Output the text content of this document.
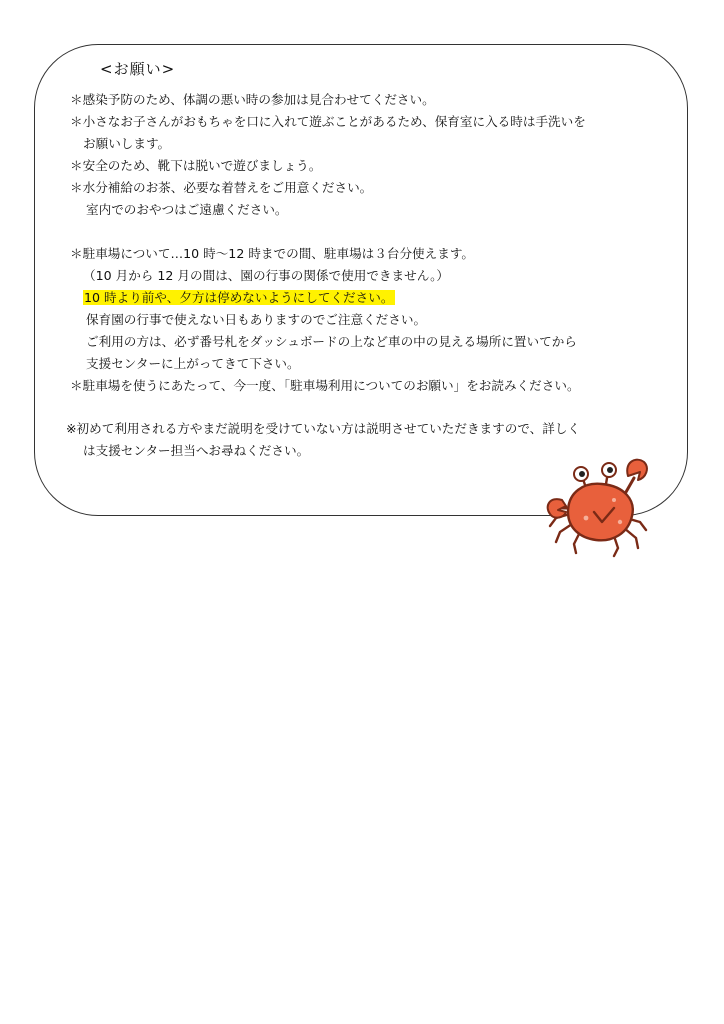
<お願い>
＊感染予防のため、体調の悪い時の参加は見合わせてください。
＊小さなお子さんがおもちゃを口に入れて遊ぶことがあるため、保育室に入る時は手洗いを
お願いします。
＊安全のため、靴下は脱いで遊びましょう。
＊水分補給のお茶、必要な着替えをご用意ください。
室内でのおやつはご遠慮ください。
＊駐車場について…10 時～12 時までの間、駐車場は３台分使えます。
（10 月から 12 月の間は、園の行事の関係で使用できません。）
10 時より前や、夕方は停めないようにしてください。
保育園の行事で使えない日もありますのでご注意ください。
ご利用の方は、必ず番号札をダッシュボードの上など車の中の見える場所に置いてから
支援センターに上がってきて下さい。
＊駐車場を使うにあたって、今一度、「駐車場利用についてのお願い」をお読みください。
※初めて利用される方やまだ説明を受けていない方は説明させていただきますので、詳しく
は支援センター担当へお尋ねください。
